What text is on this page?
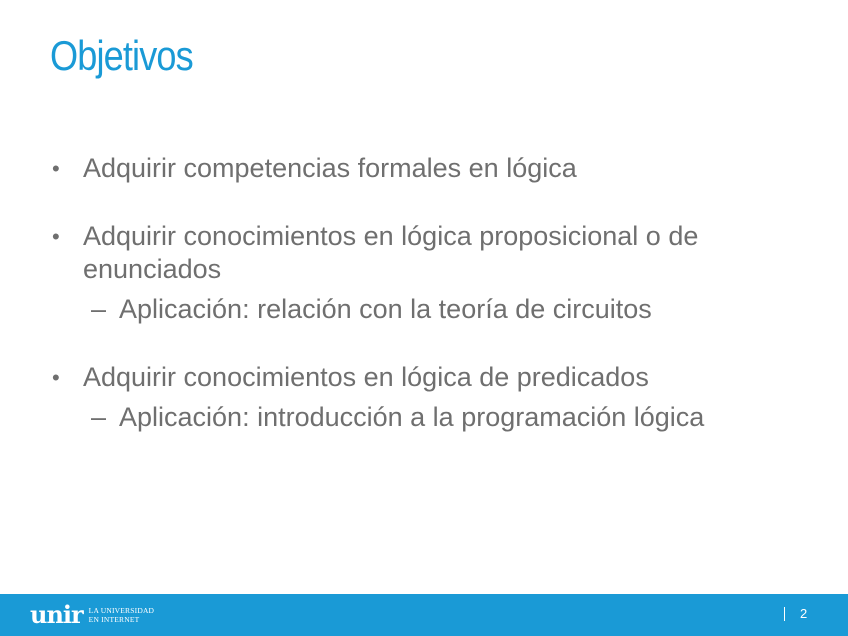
Objetivos
• Adquirir competencias formales en lógica
• Adquirir conocimientos en lógica proposicional o de enunciados
– Aplicación: relación con la teoría de circuitos
• Adquirir conocimientos en lógica de predicados
– Aplicación: introducción a la programación lógica
unir LA UNIVERSIDAD
EN INTERNET	2
